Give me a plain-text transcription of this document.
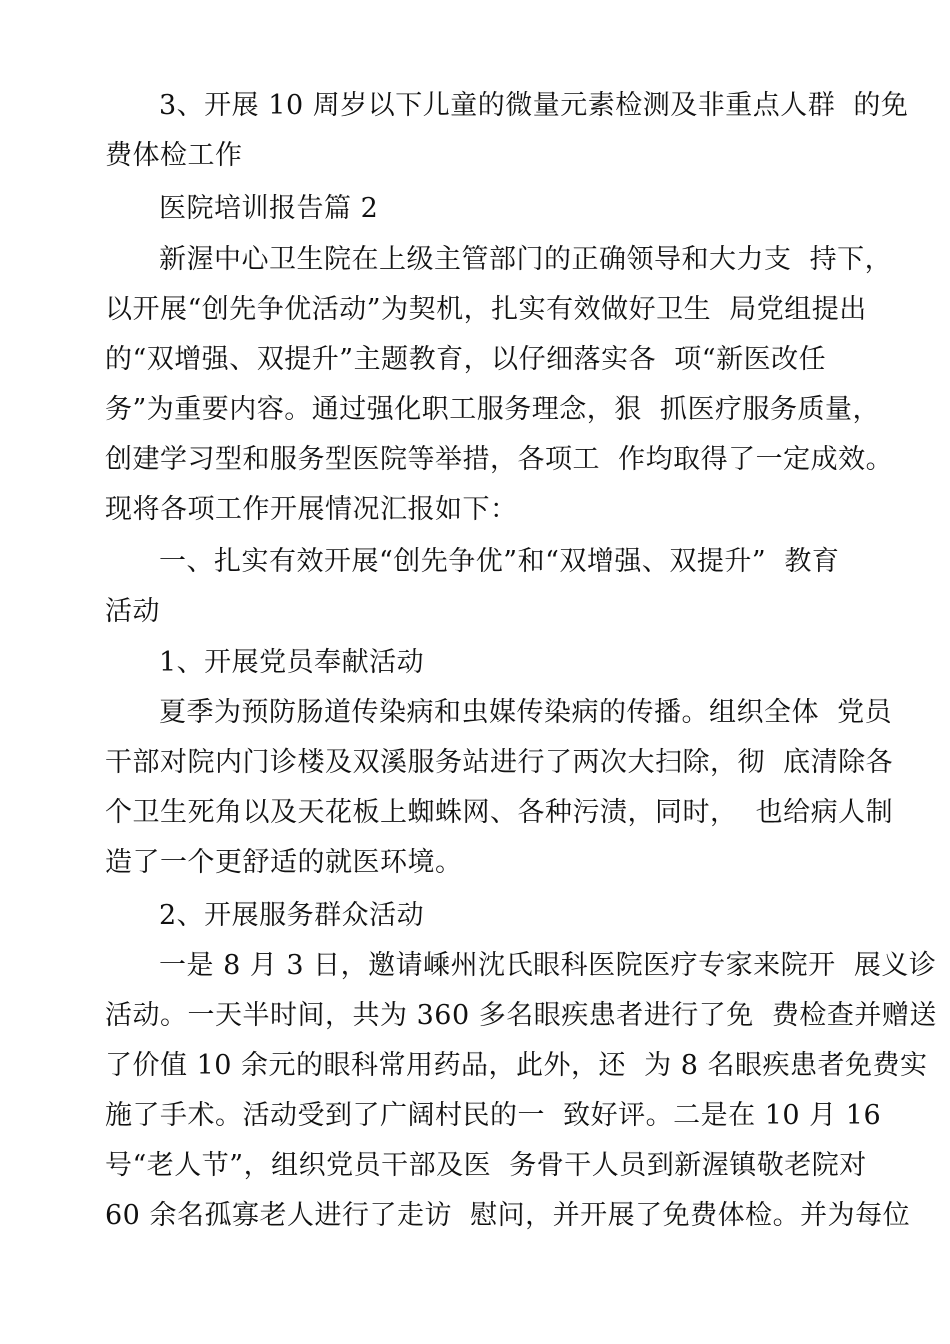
3、开展 10 周岁以下儿童的微量元素检测及非重点人群  的免
费体检工作
医院培训报告篇 2
新渥中心卫生院在上级主管部门的正确领导和大力支  持下，
以开展“创先争优活动”为契机，扎实有效做好卫生  局党组提出
的“双增强、双提升”主题教育，以仔细落实各  项“新医改任
务”为重要内容。通过强化职工服务理念，狠  抓医疗服务质量，
创建学习型和服务型医院等举措，各项工  作均取得了一定成效。
现将各项工作开展情况汇报如下：
一、扎实有效开展“创先争优”和“双增强、双提升”  教育
活动
1、开展党员奉献活动
夏季为预防肠道传染病和虫媒传染病的传播。组织全体  党员
干部对院内门诊楼及双溪服务站进行了两次大扫除，彻  底清除各
个卫生死角以及天花板上蜘蛛网、各种污渍，同时，  也给病人制
造了一个更舒适的就医环境。
2、开展服务群众活动
一是 8 月 3 日，邀请嵊州沈氏眼科医院医疗专家来院开  展义诊
活动。一天半时间，共为 360 多名眼疾患者进行了免  费检查并赠送
了价值 10 余元的眼科常用药品，此外，还  为 8 名眼疾患者免费实
施了手术。活动受到了广阔村民的一  致好评。二是在 10 月 16
号“老人节”，组织党员干部及医  务骨干人员到新渥镇敬老院对
60 余名孤寡老人进行了走访  慰问，并开展了免费体检。并为每位
